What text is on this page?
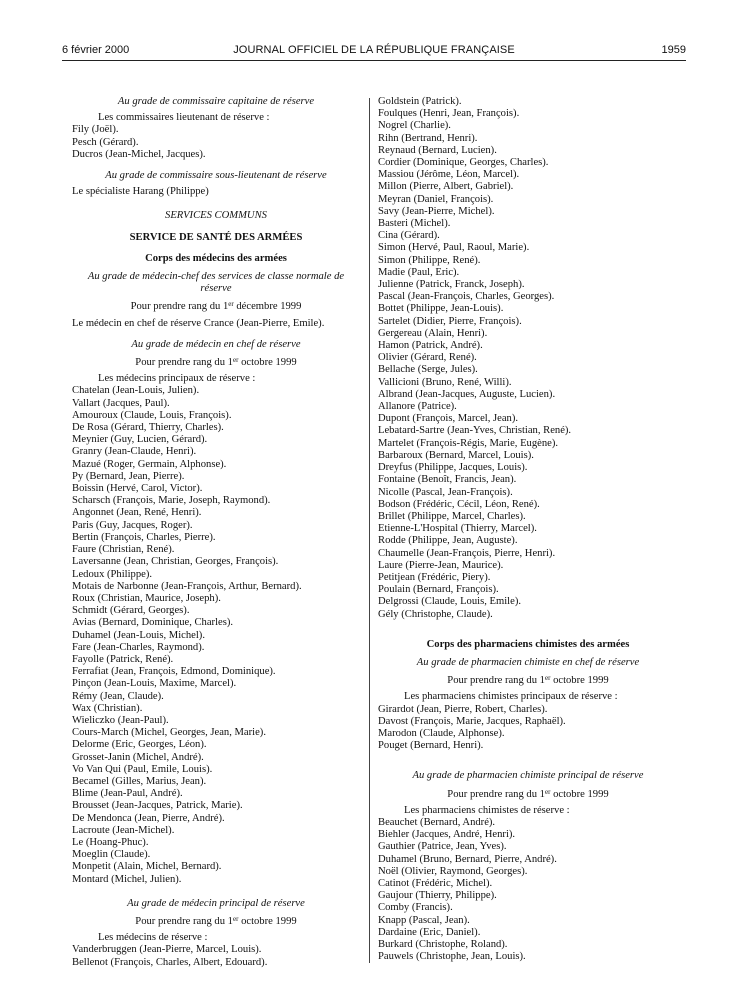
6 février 2000	JOURNAL OFFICIEL DE LA RÉPUBLIQUE FRANÇAISE	1959
Au grade de commissaire capitaine de réserve
Les commissaires lieutenant de réserve :
Fily (Joël).
Pesch (Gérard).
Ducros (Jean-Michel, Jacques).
Au grade de commissaire sous-lieutenant de réserve
Le spécialiste Harang (Philippe)
SERVICES COMMUNS
SERVICE DE SANTÉ DES ARMÉES
Corps des médecins des armées
Au grade de médecin-chef des services de classe normale de réserve
Pour prendre rang du 1er décembre 1999
Le médecin en chef de réserve Crance (Jean-Pierre, Emile).
Au grade de médecin en chef de réserve
Pour prendre rang du 1er octobre 1999
Les médecins principaux de réserve :
Chatelan (Jean-Louis, Julien).
Vallart (Jacques, Paul).
Amouroux (Claude, Louis, François).
De Rosa (Gérard, Thierry, Charles).
Meynier (Guy, Lucien, Gérard).
Granry (Jean-Claude, Henri).
Mazué (Roger, Germain, Alphonse).
Py (Bernard, Jean, Pierre).
Boissin (Hervé, Carol, Victor).
Scharsch (François, Marie, Joseph, Raymond).
Angonnet (Jean, René, Henri).
Paris (Guy, Jacques, Roger).
Bertin (François, Charles, Pierre).
Faure (Christian, René).
Laversanne (Jean, Christian, Georges, François).
Ledoux (Philippe).
Motais de Narbonne (Jean-François, Arthur, Bernard).
Roux (Christian, Maurice, Joseph).
Schmidt (Gérard, Georges).
Avias (Bernard, Dominique, Charles).
Duhamel (Jean-Louis, Michel).
Fare (Jean-Charles, Raymond).
Fayolle (Patrick, René).
Ferrafiat (Jean, François, Edmond, Dominique).
Pinçon (Jean-Louis, Maxime, Marcel).
Rémy (Jean, Claude).
Wax (Christian).
Wieliczko (Jean-Paul).
Cours-March (Michel, Georges, Jean, Marie).
Delorme (Eric, Georges, Léon).
Grosset-Janin (Michel, André).
Vo Van Qui (Paul, Emile, Louis).
Becamel (Gilles, Marius, Jean).
Blime (Jean-Paul, André).
Brousset (Jean-Jacques, Patrick, Marie).
De Mendonca (Jean, Pierre, André).
Lacroute (Jean-Michel).
Le (Hoang-Phuc).
Moeglin (Claude).
Monpetit (Alain, Michel, Bernard).
Montard (Michel, Julien).
Au grade de médecin principal de réserve
Pour prendre rang du 1er octobre 1999
Les médecins de réserve :
Vanderbruggen (Jean-Pierre, Marcel, Louis).
Bellenot (François, Charles, Albert, Edouard).
Goldstein (Patrick).
Foulques (Henri, Jean, François).
Nogrel (Charlie).
Rihn (Bertrand, Henri).
Reynaud (Bernard, Lucien).
Cordier (Dominique, Georges, Charles).
Massiou (Jérôme, Léon, Marcel).
Millon (Pierre, Albert, Gabriel).
Meyran (Daniel, François).
Savy (Jean-Pierre, Michel).
Basteri (Michel).
Cina (Gérard).
Simon (Hervé, Paul, Raoul, Marie).
Simon (Philippe, René).
Madie (Paul, Eric).
Julienne (Patrick, Franck, Joseph).
Pascal (Jean-François, Charles, Georges).
Bottet (Philippe, Jean-Louis).
Sartelet (Didier, Pierre, François).
Gergereau (Alain, Henri).
Hamon (Patrick, André).
Olivier (Gérard, René).
Bellache (Serge, Jules).
Vallicioni (Bruno, René, Willi).
Albrand (Jean-Jacques, Auguste, Lucien).
Allanore (Patrice).
Dupont (François, Marcel, Jean).
Lebatard-Sartre (Jean-Yves, Christian, René).
Martelet (François-Régis, Marie, Eugène).
Barbaroux (Bernard, Marcel, Louis).
Dreyfus (Philippe, Jacques, Louis).
Fontaine (Benoît, Francis, Jean).
Nicolle (Pascal, Jean-François).
Bodson (Frédéric, Cécil, Léon, René).
Brillet (Philippe, Marcel, Charles).
Etienne-L'Hospital (Thierry, Marcel).
Rodde (Philippe, Jean, Auguste).
Chaumelle (Jean-François, Pierre, Henri).
Laure (Pierre-Jean, Maurice).
Petitjean (Frédéric, Piery).
Poulain (Bernard, François).
Delgrossi (Claude, Louis, Emile).
Gély (Christophe, Claude).
Corps des pharmaciens chimistes des armées
Au grade de pharmacien chimiste en chef de réserve
Pour prendre rang du 1er octobre 1999
Les pharmaciens chimistes principaux de réserve :
Girardot (Jean, Pierre, Robert, Charles).
Davost (François, Marie, Jacques, Raphaël).
Marodon (Claude, Alphonse).
Pouget (Bernard, Henri).
Au grade de pharmacien chimiste principal de réserve
Pour prendre rang du 1er octobre 1999
Les pharmaciens chimistes de réserve :
Beauchet (Bernard, André).
Biehler (Jacques, André, Henri).
Gauthier (Patrice, Jean, Yves).
Duhamel (Bruno, Bernard, Pierre, André).
Noël (Olivier, Raymond, Georges).
Catinot (Frédéric, Michel).
Gaujour (Thierry, Philippe).
Comby (Francis).
Knapp (Pascal, Jean).
Dardaine (Eric, Daniel).
Burkard (Christophe, Roland).
Pauwels (Christophe, Jean, Louis).
